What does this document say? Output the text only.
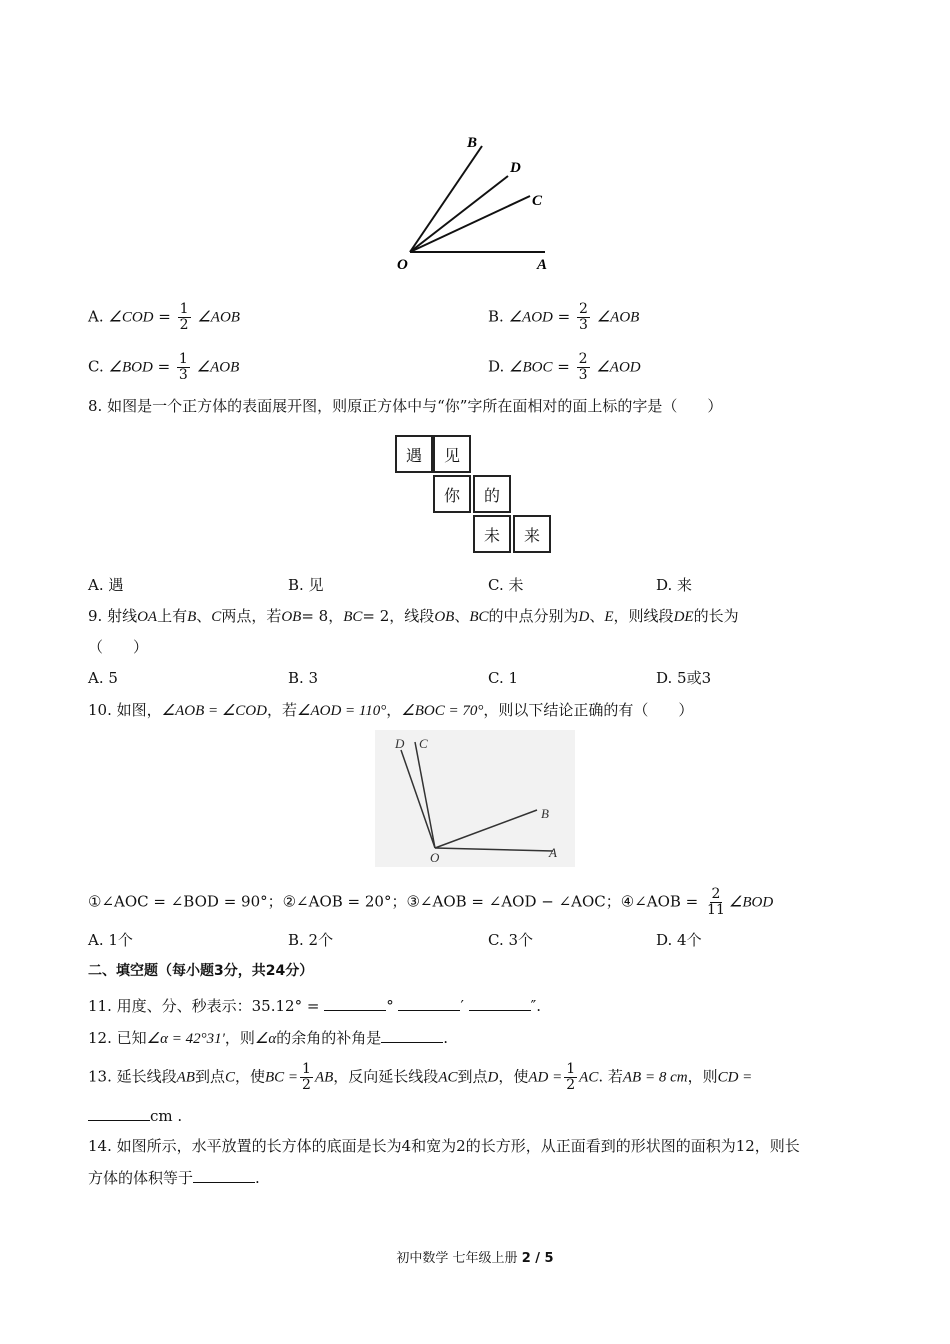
B
D
C
O	A
A. ∠COD = $\frac{1}{2}$ ∠AOB	B. ∠AOD = $\frac{2}{3}$ ∠AOB
C. ∠BOD = $\frac{1}{3}$ ∠AOB	D. ∠BOC = $\frac{2}{3}$ ∠AOD
8. 如图是一个正方体的表面展开图，则原正方体中与“你”字所在面相对的面上标的字是（　　）
遇	见
你	的
未	来
A. 遇	B. 见	C. 未	D. 来
9. 射线OA上有B、C两点，若OB= 8，BC= 2，线段OB、BC的中点分别为D、E，则线段DE的长为
（　　）
A. 5	B. 3	C. 1	D. 5或3
10. 如图，∠AOB = ∠COD，若∠AOD = 110°，∠BOC = 70°，则以下结论正确的有（　　）
D C
B
O	A
①∠AOC = ∠BOD = 90°；②∠AOB = 20°；③∠AOB = ∠AOD − ∠AOC；④∠AOB = $\frac{2}{11}$ ∠BOD
A. 1个	B. 2个	C. 3个	D. 4个
二、填空题（每小题3分，共24分）
11. 用度、分、秒表示：35.12° =	°	′	″.
12. 已知∠α = 42°31′，则∠α的余角的补角是	.
13. 延长线段AB到点C，使BC = $\frac{1}{2}$ AB，反向延长线段AC到点D，使AD = $\frac{1}{2}$ AC. 若AB = 8 cm，则CD =
cm .
14. 如图所示，水平放置的长方体的底面是长为4和宽为2的长方形，从正面看到的形状图的面积为12，则长
方体的体积等于	.
初中数学 七年级上册 2 / 5
